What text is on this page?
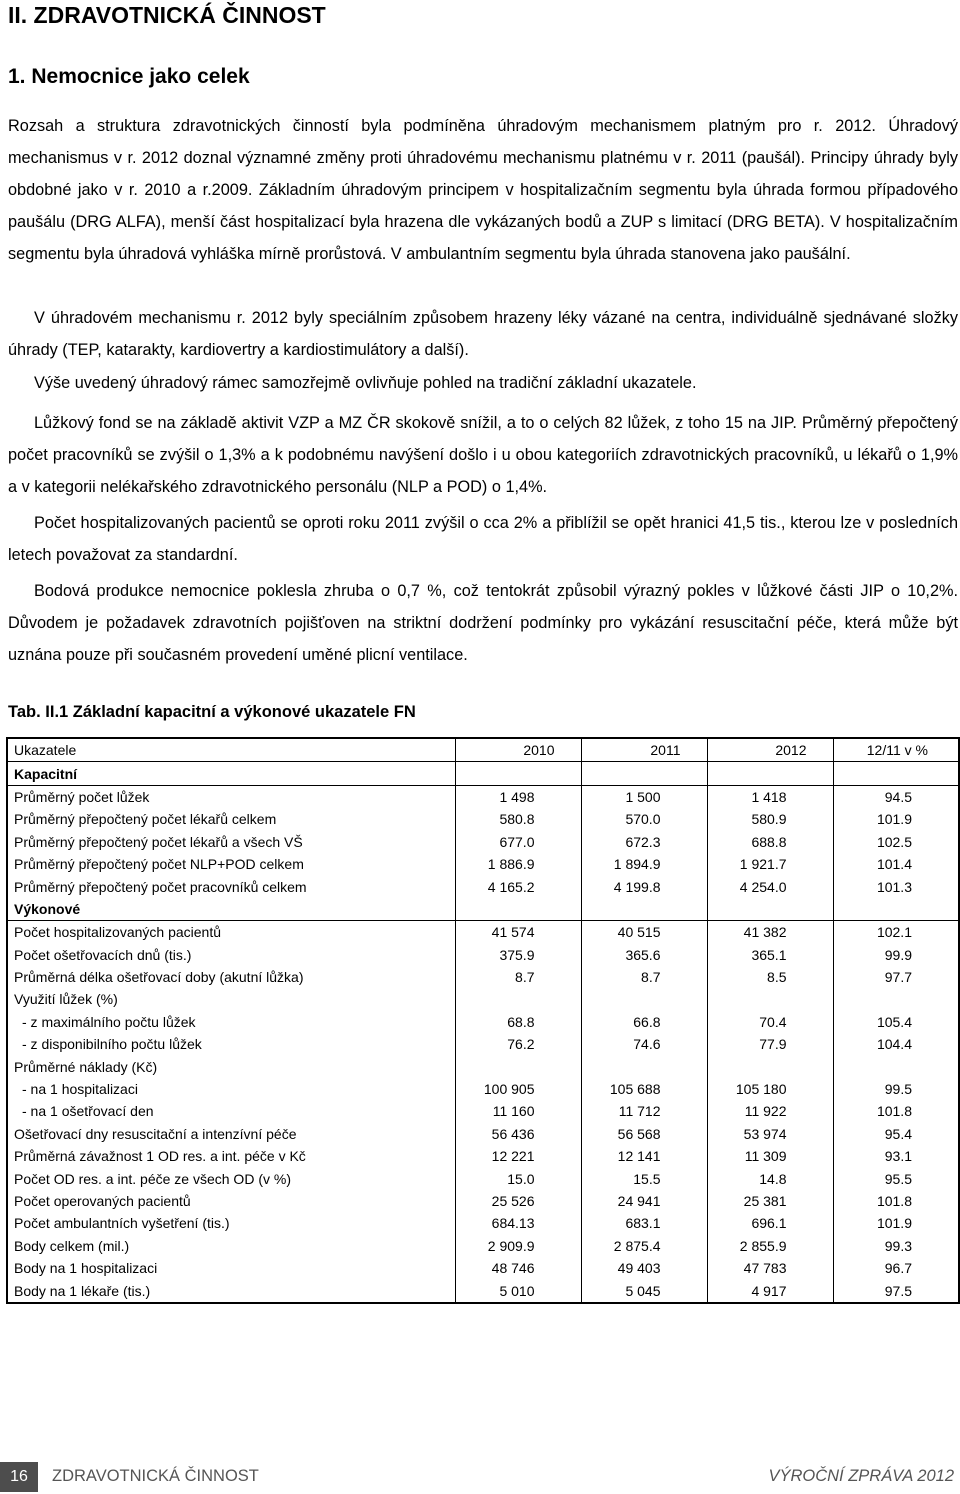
II. ZDRAVOTNICKÁ ČINNOST
1. Nemocnice jako celek
Rozsah a struktura zdravotnických činností byla podmíněna úhradovým mechanismem platným pro r. 2012. Úhradový mechanismus v r. 2012 doznal významné změny proti úhradovému mechanismu platnému v r. 2011 (paušál). Principy úhrady byly obdobné jako v r. 2010 a r.2009. Základním úhradovým principem v hospitalizačním segmentu byla úhrada formou případového paušálu (DRG ALFA), menší část hospitalizací byla hrazena dle vykázaných bodů a ZUP s limitací (DRG BETA). V hospitalizačním segmentu byla úhradová vyhláška mírně prorůstová. V ambulantním segmentu byla úhrada stanovena jako paušální.
V úhradovém mechanismu r. 2012 byly speciálním způsobem hrazeny léky vázané na centra, individuálně sjednávané složky úhrady (TEP, katarakty, kardiovertry a kardiostimulátory a další).
Výše uvedený úhradový rámec samozřejmě ovlivňuje pohled na tradiční základní ukazatele.
Lůžkový fond se na základě aktivit VZP a MZ ČR skokově snížil, a to o celých 82 lůžek, z toho 15 na JIP. Průměrný přepočtený počet pracovníků se zvýšil o 1,3% a k podobnému navýšení došlo i u obou kategoriích zdravotnických pracovníků, u lékařů o 1,9% a v kategorii nelékařského zdravotnického personálu (NLP a POD) o 1,4%.
Počet hospitalizovaných pacientů se oproti roku 2011 zvýšil o cca 2% a přiblížil se opět hranici 41,5 tis., kterou lze v posledních letech považovat za standardní.
Bodová produkce nemocnice poklesla zhruba o 0,7 %, což tentokrát způsobil výrazný pokles v lůžkové části JIP o 10,2%. Důvodem je požadavek zdravotních pojišťoven na striktní dodržení podmínky pro vykázání resuscitační péče, která může být uznána pouze při současném provedení uměné plicní ventilace.
Tab. II.1 Základní kapacitní a výkonové ukazatele FN
Ukazatele	2010	2011	2012	12/11 v %
Kapacitní				
Průměrný počet lůžek	1 498	1 500	1 418	94.5
Průměrný přepočtený počet lékařů celkem	580.8	570.0	580.9	101.9
Průměrný přepočtený počet lékařů a všech VŠ	677.0	672.3	688.8	102.5
Průměrný přepočtený počet NLP+POD celkem	1 886.9	1 894.9	1 921.7	101.4
Průměrný přepočtený počet pracovníků celkem	4 165.2	4 199.8	4 254.0	101.3
Výkonové				
Počet hospitalizovaných pacientů	41 574	40 515	41 382	102.1
Počet ošetřovacích dnů (tis.)	375.9	365.6	365.1	99.9
Průměrná délka ošetřovací doby (akutní lůžka)	8.7	8.7	8.5	97.7
Využití lůžek (%)				
- z maximálního počtu lůžek	68.8	66.8	70.4	105.4
- z disponibilního počtu lůžek	76.2	74.6	77.9	104.4
Průměrné náklady (Kč)				
- na 1 hospitalizaci	100 905	105 688	105 180	99.5
- na 1 ošetřovací den	11 160	11 712	11 922	101.8
Ošetřovací dny resuscitační a intenzívní péče	56 436	56 568	53 974	95.4
Průměrná závažnost 1 OD res. a int. péče v Kč	12 221	12 141	11 309	93.1
Počet OD res. a int. péče ze všech OD (v %)	15.0	15.5	14.8	95.5
Počet operovaných pacientů	25 526	24 941	25 381	101.8
Počet ambulantních vyšetření (tis.)	684.13	683.1	696.1	101.9
Body celkem (mil.)	2 909.9	2 875.4	2 855.9	99.3
Body na 1 hospitalizaci	48 746	49 403	47 783	96.7
Body na 1 lékaře (tis.)	5 010	5 045	4 917	97.5
16	ZDRAVOTNICKÁ ČINNOST	VÝROČNÍ ZPRÁVA 2012
